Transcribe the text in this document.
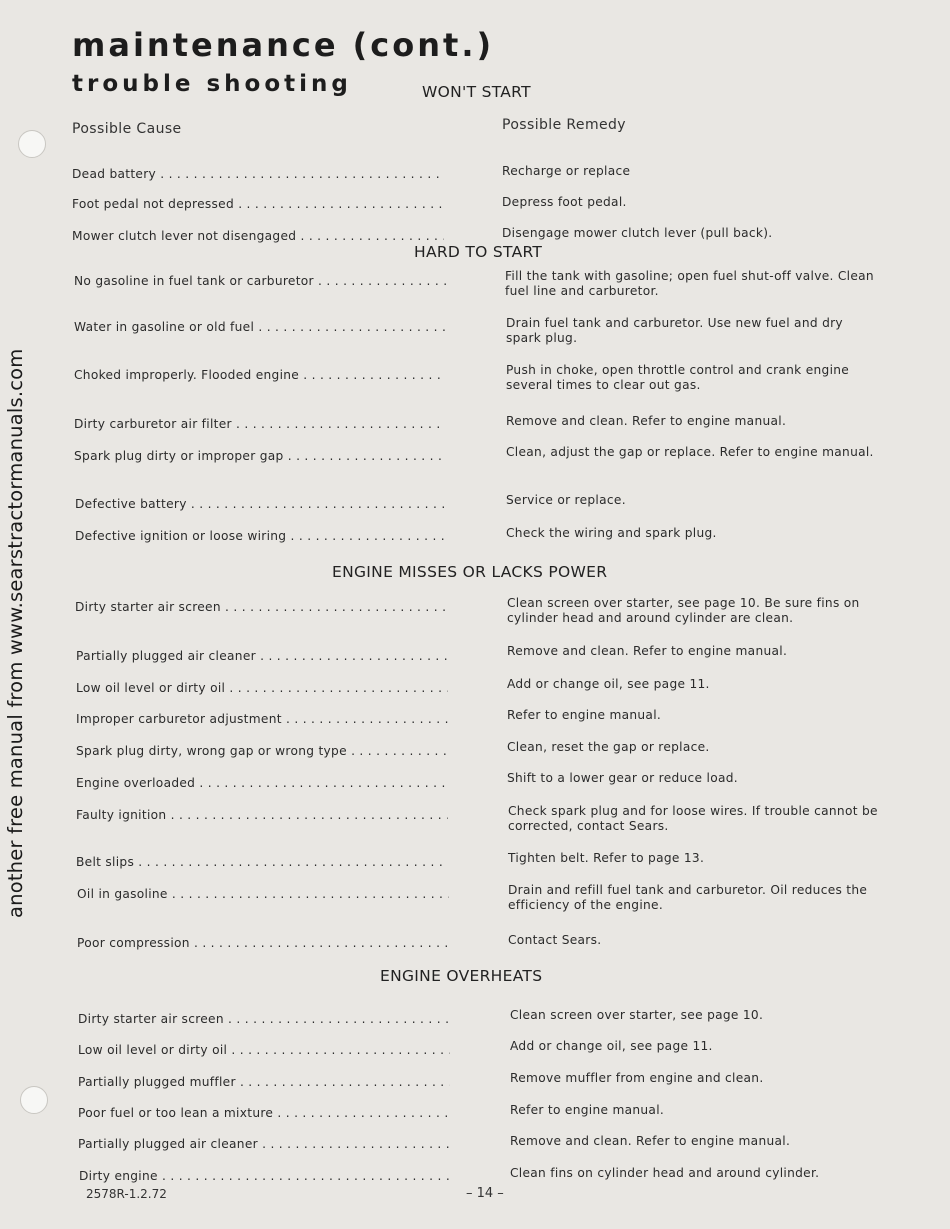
maintenance (cont.)
trouble shooting	WON'T START
Possible Cause	Possible Remedy
HARD TO START
ENGINE MISSES OR LACKS POWER
ENGINE OVERHEATS
Dead battery . . .	Recharge or replace
Foot pedal not depressed . . .	Depress foot pedal.
Mower clutch lever not disengaged . . .	Disengage mower clutch lever (pull back).
No gasoline in fuel tank or carburetor . . .	Fill the tank with gasoline; open fuel shut-off valve. Clean fuel line and carburetor.
Water in gasoline or old fuel . . .	Drain fuel tank and carburetor. Use new fuel and dry spark plug.
Choked improperly. Flooded engine . . .	Push in choke, open throttle control and crank engine several times to clear out gas.
Dirty carburetor air filter . . .	Remove and clean. Refer to engine manual.
Spark plug dirty or improper gap . . .	Clean, adjust the gap or replace. Refer to engine manual.
Defective battery . . .	Service or replace.
Defective ignition or loose wiring . . .	Check the wiring and spark plug.
Dirty starter air screen . . .	Clean screen over starter, see page 10. Be sure fins on cylinder head and around cylinder are clean.
Partially plugged air cleaner . . .	Remove and clean. Refer to engine manual.
Low oil level or dirty oil . . .	Add or change oil, see page 11.
Improper carburetor adjustment . . .	Refer to engine manual.
Spark plug dirty, wrong gap or wrong type . . .	Clean, reset the gap or replace.
Engine overloaded . . .	Shift to a lower gear or reduce load.
Faulty ignition . . .	Check spark plug and for loose wires. If trouble cannot be corrected, contact Sears.
Belt slips . . .	Tighten belt. Refer to page 13.
Oil in gasoline . . .	Drain and refill fuel tank and carburetor. Oil reduces the efficiency of the engine.
Poor compression . . .	Contact Sears.
Dirty starter air screen . . .	Clean screen over starter, see page 10.
Low oil level or dirty oil . . .	Add or change oil, see page 11.
Partially plugged muffler . . .	Remove muffler from engine and clean.
Poor fuel or too lean a mixture . . .	Refer to engine manual.
Partially plugged air cleaner . . .	Remove and clean. Refer to engine manual.
Dirty engine . . .	Clean fins on cylinder head and around cylinder.
2578R-1.2.72	– 14 –
another free manual from www.searstractormanuals.com
